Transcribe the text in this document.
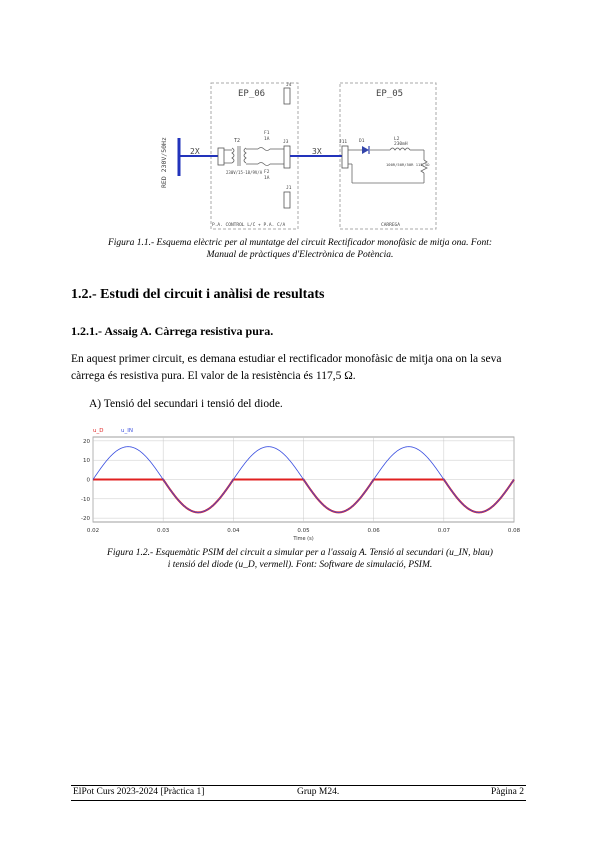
EP_06	EP_05
RED 230V/50Hz	2X
T2
230V/15-18/9V/A
F1
1A
F2
1A
J3
J4
J1
3X
J11	D1	L2
230mH
100R/50R/50R 117,5Ω
P.A. CONTROL L/C + P.A. C/A	CARREGA
Figura 1.1.- Esquema elèctric per al muntatge del circuit Rectificador monofàsic de mitja ona. Font:
Manual de pràctiques d'Electrònica de Potència.
1.2.- Estudi del circuit i anàlisi de resultats
1.2.1.- Assaig A. Càrrega resistiva pura.
En aquest primer circuit, es demana estudiar el rectificador monofàsic de mitja ona on la seva
càrrega és resistiva pura. El valor de la resistència és 117,5 Ω.
A) Tensió del secundari i tensió del diode.
0.02	0.03	0.04	0.05	0.06	0.07	0.08
20
10
0
-10
-20
Time (s)
u_D	u_IN
Figura 1.2.- Esquemàtic PSIM del circuit a simular per a l'assaig A. Tensió al secundari (u_IN, blau)
i tensió del diode (u_D, vermell). Font: Software de simulació, PSIM.
ElPot Curs 2023-2024 [Pràctica 1]	Grup M24.	Pàgina 2
